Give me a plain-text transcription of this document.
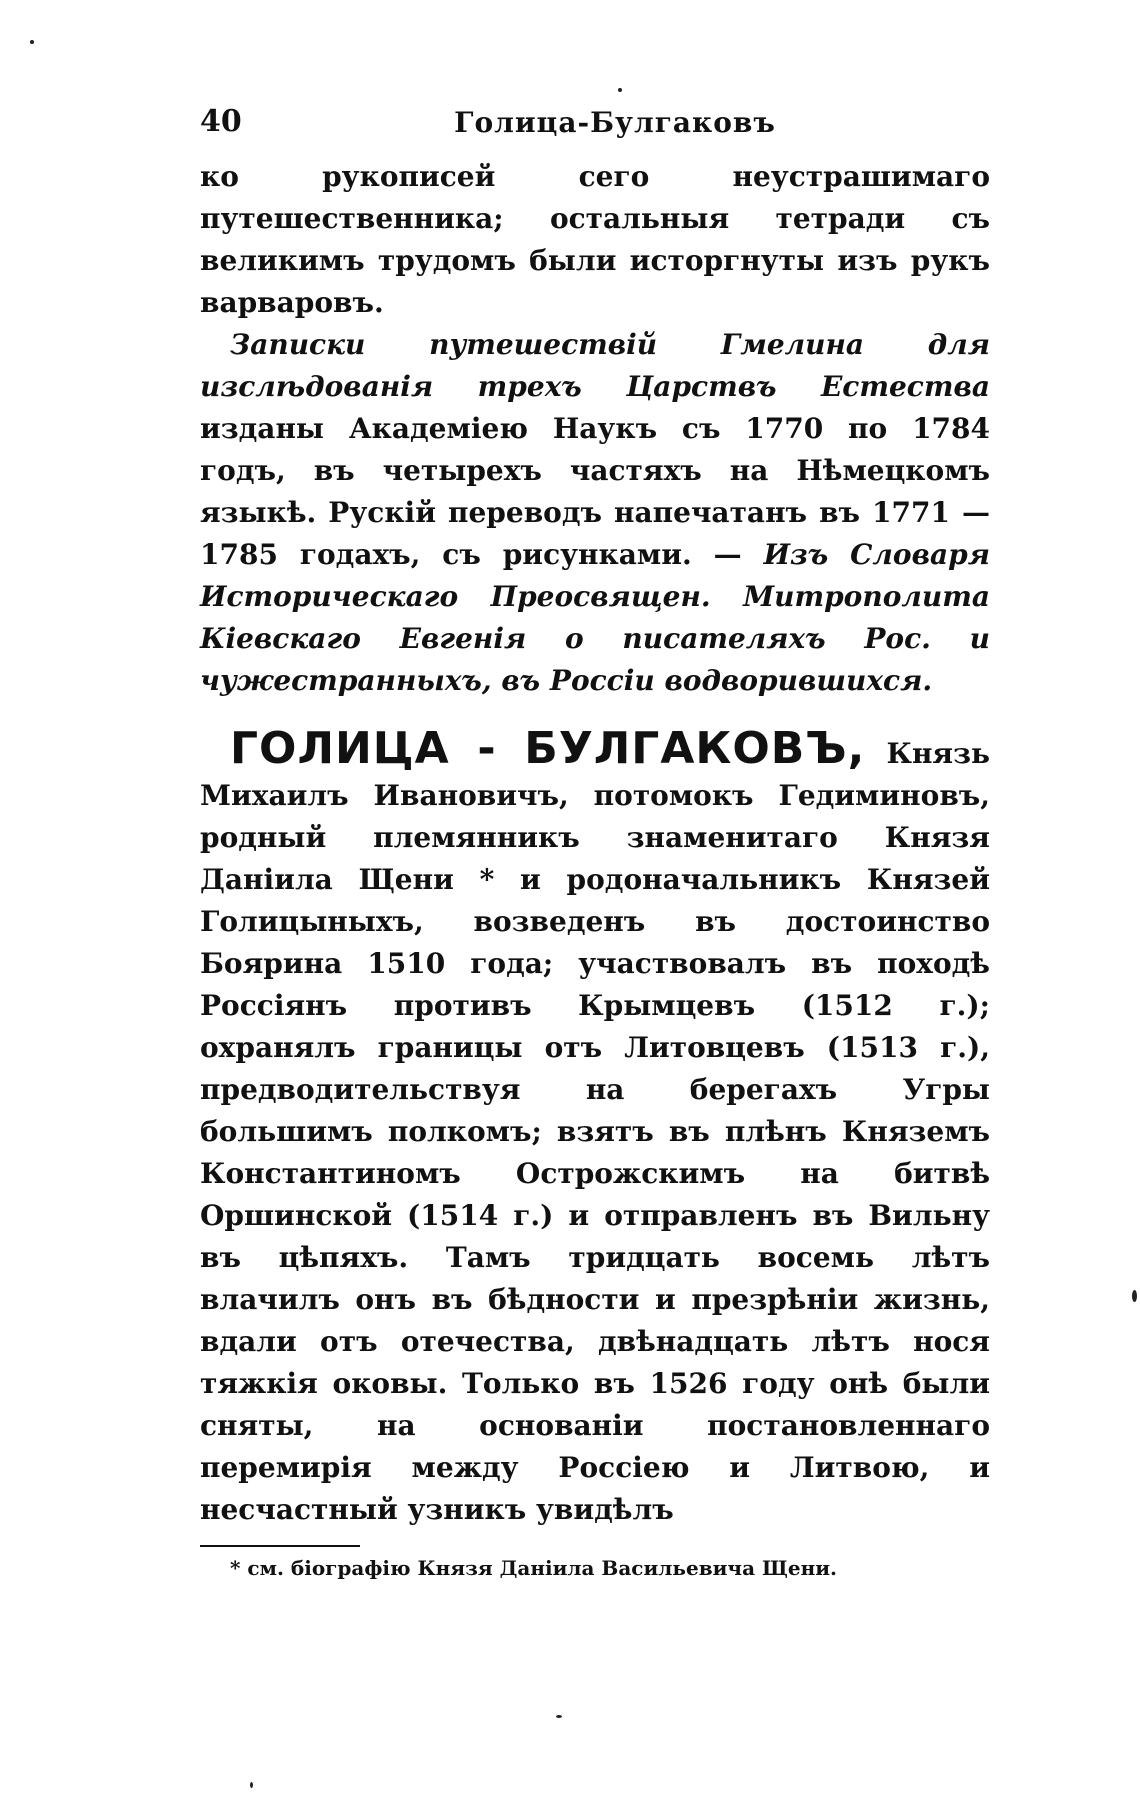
40	Голица-Булгаковъ

ко рукописей сего неустрашимаго путешественника; остальныя тетради съ великимъ трудомъ были исторгнуты изъ рукъ варваровъ.

Записки путешествій Гмелина для изслѣдованія трехъ Царствъ Естества изданы Академіею Наукъ съ 1770 по 1784 годъ, въ четырехъ частяхъ на Нѣмецкомъ языкѣ. Рускій переводъ напечатанъ въ 1771 — 1785 годахъ, съ рисунками. — Изъ Словаря Историческаго Преосвящен. Митрополита Кіевскаго Евгенія о писателяхъ Рос. и чужестранныхъ, въ Россіи водворившихся.

ГОЛИЦА - БУЛГАКОВЪ, Князь Михаилъ Ивановичъ, потомокъ Гедиминовъ, родный племянникъ знаменитаго Князя Даніила Щени * и родоначальникъ Князей Голицыныхъ, возведенъ въ достоинство Боярина 1510 года; участвовалъ въ походѣ Россіянъ противъ Крымцевъ (1512 г.); охранялъ границы отъ Литовцевъ (1513 г.), предводительствуя на берегахъ Угры большимъ полкомъ; взятъ въ плѣнъ Княземъ Константиномъ Острожскимъ на битвѣ Оршинской (1514 г.) и отправленъ въ Вильну въ цѣпяхъ. Тамъ тридцать восемь лѣтъ влачилъ онъ въ бѣдности и презрѣніи жизнь, вдали отъ отечества, двѣнадцать лѣтъ нося тяжкія оковы. Только въ 1526 году онѣ были сняты, на основаніи постановленнаго перемирія между Россіею и Литвою, и несчастный узникъ увидѣлъ

* см. біографію Князя Даніила Васильевича Щени.
